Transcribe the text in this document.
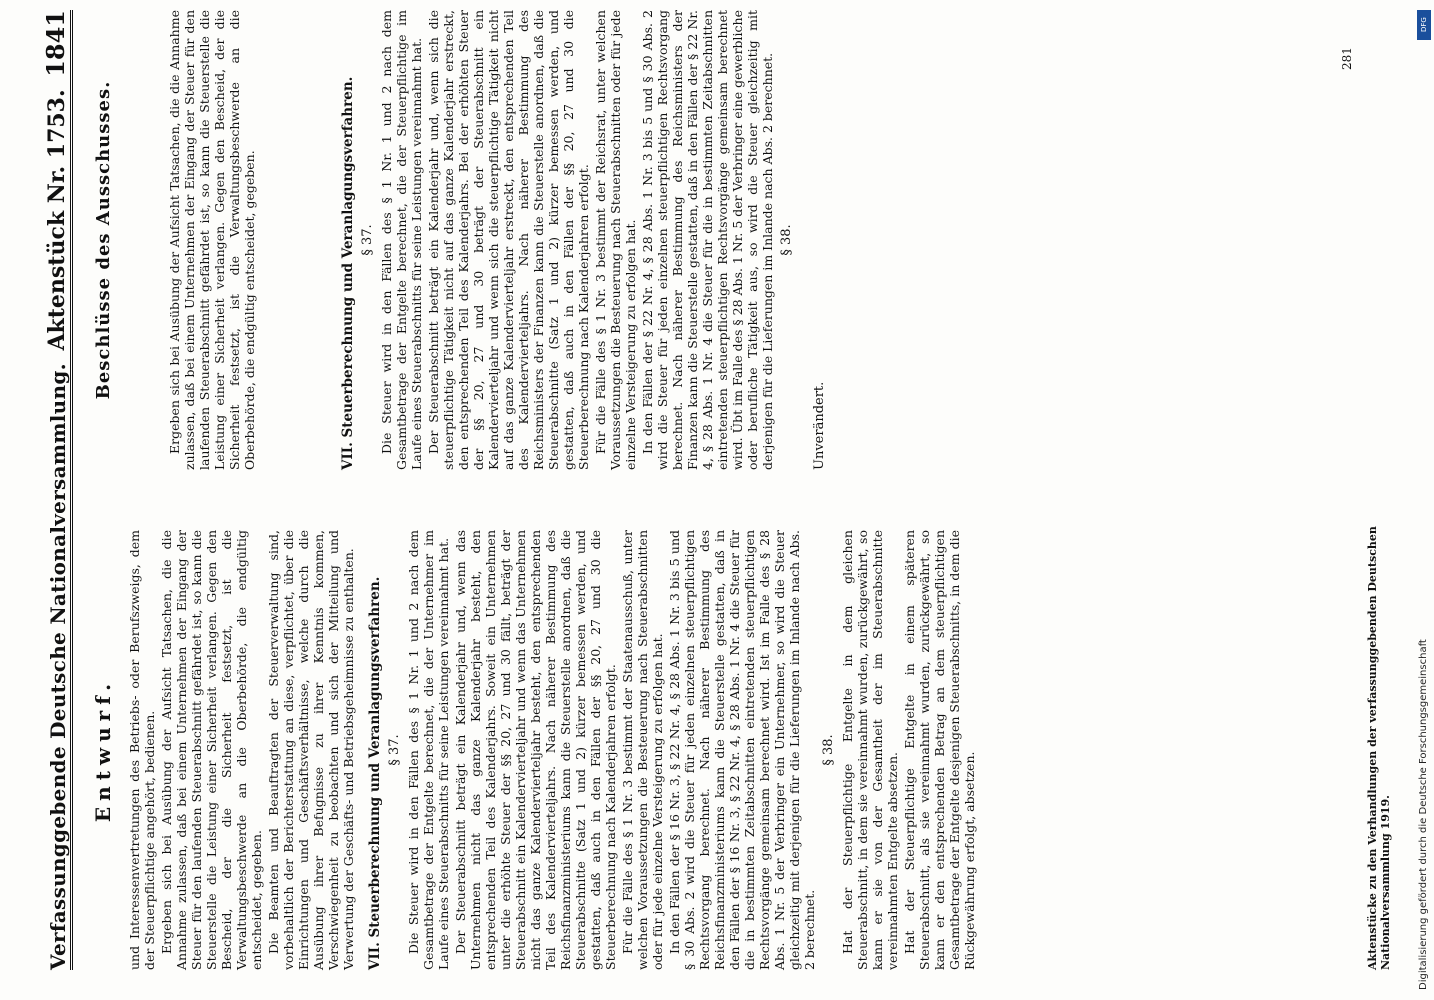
Verfassunggebende Deutsche Nationalversammlung.
Aktenstück Nr. 1753.
1841
Entwurf. und Interessenvertretungen des Betriebs- oder Berufszweigs, dem der Steuerpflichtige angehört, bedienen. Ergeben sich bei Ausübung der Aufsicht Tatsachen, die die Annahme zulassen, daß bei einem Unternehmen der Eingang der Steuer für den laufenden Steuerabschnitt gefährdet ist, so kann die Steuerstelle die Leistung einer Sicherheit verlangen. Gegen den Bescheid, der die Sicherheit festsetzt, ist die Verwaltungsbeschwerde an die Oberbehörde, die endgültig entscheidet, gegeben. Die Beamten und Beauftragten der Steuerverwaltung sind, vorbehaltlich der Berichterstattung an diese, verpflichtet, über die Einrichtungen und Geschäftsverhältnisse, welche durch die Ausübung ihrer Befugnisse zu ihrer Kenntnis kommen, Verschwiegenheit zu beobachten und sich der Mitteilung und Verwertung der Geschäfts- und Betriebsgeheimnisse zu enthalten. VII. Steuerberechnung und Veranlagungsverfahren. § 37. Die Steuer wird in den Fällen des § 1 Nr. 1 und 2 nach dem Gesamtbetrage der Entgelte berechnet, die der Unternehmer im Laufe eines Steuerabschnitts für seine Leistungen vereinnahmt hat. Der Steuerabschnitt beträgt ein Kalenderjahr und, wenn das Unternehmen nicht das ganze Kalenderjahr besteht, den entsprechenden Teil des Kalenderjahrs. Soweit ein Unternehmen unter die erhöhte Steuer der §§ 20, 27 und 30 fällt, beträgt der Steuerabschnitt ein Kalendervierteljahr und wenn das Unternehmen nicht das ganze Kalendervierteljahr besteht, den entsprechenden Teil des Kalendervierteljahrs. Nach näherer Bestimmung des Reichsfinanzministeriums kann die Steuerstelle anordnen, daß die Steuerabschnitte (Satz 1 und 2) kürzer bemessen werden, und gestatten, daß auch in den Fällen der §§ 20, 27 und 30 die Steuerberechnung nach Kalenderjahren erfolgt. Für die Fälle des § 1 Nr. 3 bestimmt der Staatenausschuß, unter welchen Voraussetzungen die Besteuerung nach Steuerabschnitten oder für jede einzelne Versteigerung zu erfolgen hat. In den Fällen der § 16 Nr. 3, § 22 Nr. 4, § 28 Abs. 1 Nr. 3 bis 5 und § 30 Abs. 2 wird die Steuer für jeden einzelnen steuerpflichtigen Rechtsvorgang berechnet. Nach näherer Bestimmung des Reichsfinanzministeriums kann die Steuerstelle gestatten, daß in den Fällen der § 16 Nr. 3, § 22 Nr. 4, § 28 Abs. 1 Nr. 4 die Steuer für die in bestimmten Zeitabschnitten eintretenden steuerpflichtigen Rechtsvorgänge gemeinsam berechnet wird. Ist im Falle des § 28 Abs. 1 Nr. 5 der Verbringer ein Unternehmer, so wird die Steuer gleichzeitig mit derjenigen für die Lieferungen im Inlande nach Abs. 2 berechnet.

§ 38. Hat der Steuerpflichtige Entgelte in dem gleichen Steuerabschnitt, in dem sie vereinnahmt wurden, zurückgewährt, so kann er sie von der Gesamtheit der im Steuerabschnitte vereinnahmten Entgelte absetzen. Hat der Steuerpflichtige Entgelte in einem späteren Steuerabschnitt, als sie vereinnahmt wurden, zurückgewährt, so kann er den entsprechenden Betrag an dem steuerpflichtigen Gesamtbetrage der Entgelte desjenigen Steuerabschnitts, in dem die Rückgewährung erfolgt, absetzen.

Beschlüsse des Ausschusses.	Ergeben sich bei Ausübung der Aufsicht Tatsachen, die die Annahme zulassen, daß bei einem Unternehmen der Eingang der Steuer für den laufenden Steuerabschnitt gefährdet ist, so kann die Steuerstelle die Leistung einer Sicherheit verlangen. Gegen den Bescheid, der die Sicherheit festsetzt, ist die Verwaltungsbeschwerde an die Oberbehörde, die endgültig entscheidet, gegeben.	VII. Steuerberechnung und Veranlagungsverfahren. § 37. Die Steuer wird in den Fällen des § 1 Nr. 1 und 2 nach dem Gesamtbetrage der Entgelte berechnet, die der Steuerpflichtige im Laufe eines Steuerabschnitts für seine Leistungen vereinnahmt hat. Der Steuerabschnitt beträgt ein Kalenderjahr und, wenn sich die steuerpflichtige Tätigkeit nicht auf das ganze Kalenderjahr erstreckt, den entsprechenden Teil des Kalenderjahrs. Bei der erhöhten Steuer der §§ 20, 27 und 30 beträgt der Steuerabschnitt ein Kalendervierteljahr und wenn sich die steuerpflichtige Tätigkeit nicht auf das ganze Kalendervierteljahr erstreckt, den entsprechenden Teil des Kalendervierteljahrs. Nach näherer Bestimmung des Reichsministers der Finanzen kann die Steuerstelle anordnen, daß die Steuerabschnitte (Satz 1 und 2) kürzer bemessen werden, und gestatten, daß auch in den Fällen der §§ 20, 27 und 30 die Steuerberechnung nach Kalenderjahren erfolgt. Für die Fälle des § 1 Nr. 3 bestimmt der Reichsrat, unter welchen Voraussetzungen die Besteuerung nach Steuerabschnitten oder für jede einzelne Versteigerung zu erfolgen hat. In den Fällen der § 22 Nr. 4, § 28 Abs. 1 Nr. 3 bis 5 und § 30 Abs. 2 wird die Steuer für jeden einzelnen steuerpflichtigen Rechtsvorgang berechnet. Nach näherer Bestimmung des Reichsministers der Finanzen kann die Steuerstelle gestatten, daß in den Fällen der § 22 Nr. 4, § 28 Abs. 1 Nr. 4 die Steuer für die in bestimmten Zeitabschnitten eintretenden steuerpflichtigen Rechtsvorgänge gemeinsam berechnet wird. Übt im Falle des § 28 Abs. 1 Nr. 5 der Verbringer eine gewerbliche oder berufliche Tätigkeit aus, so wird die Steuer gleichzeitig mit derjenigen für die Lieferungen im Inlande nach Abs. 2 berechnet. § 38.
Unverändert.
281
Aktenstücke zu den Verhandlungen der verfassunggebenden Deutschen Nationalversammlung 1919.	Digitalisierung gefördert durch die Deutsche Forschungsgemeinschaft
DFG
